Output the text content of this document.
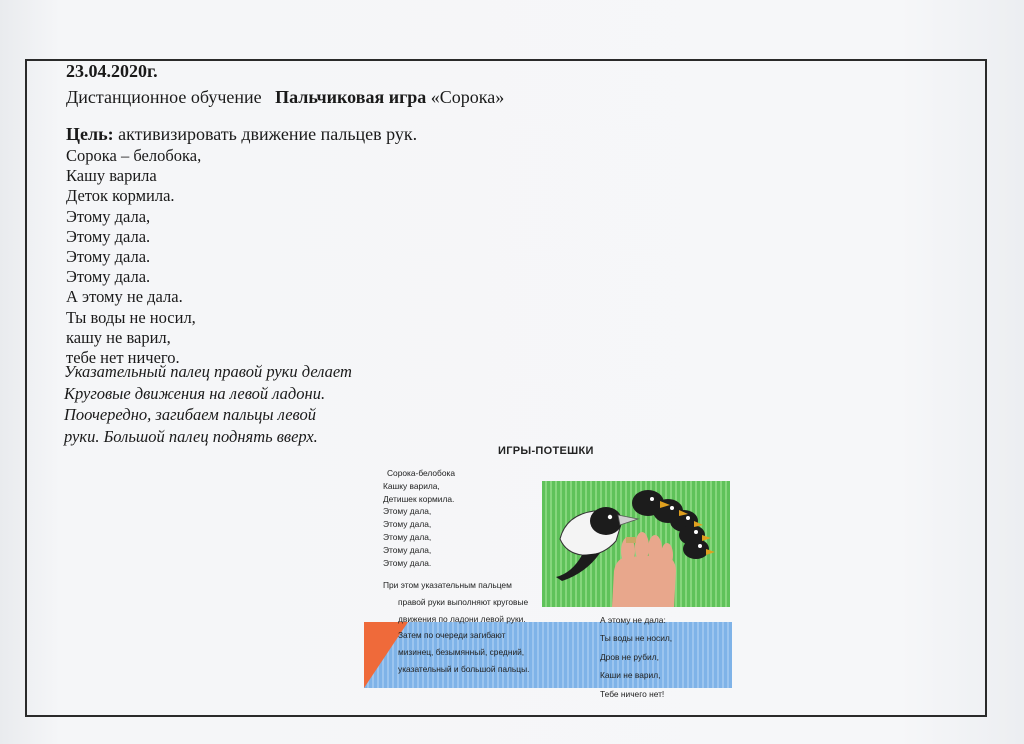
23.04.2020г.
Дистанционное обучение Пальчиковая игра «Сорока»
Цель: активизировать движение пальцев рук.
Сорока – белобока,
Кашу варила
Деток кормила.
Этому дала,
Этому дала.
Этому дала.
Этому дала.
А этому не дала.
Ты воды не носил,
кашу не варил,
тебе нет ничего.
Указательный палец правой руки делает
Круговые движения на левой ладони.
Поочередно, загибаем пальцы левой
руки. Большой палец поднять вверх.
ИГРЫ-ПОТЕШКИ
Сорока-белобока
Кашку варила,
Детишек кормила.
Этому дала,
Этому дала,
Этому дала,
Этому дала,
Этому дала.
При этом указательным пальцем
правой руки выполняют круговые
движения по ладони левой руки.
Затем по очереди загибают
мизинец, безымянный, средний,
указательный и большой пальцы.
А этому не дала:
Ты воды не носил,
Дров не рубил,
Каши не варил,
Тебе ничего нет!
